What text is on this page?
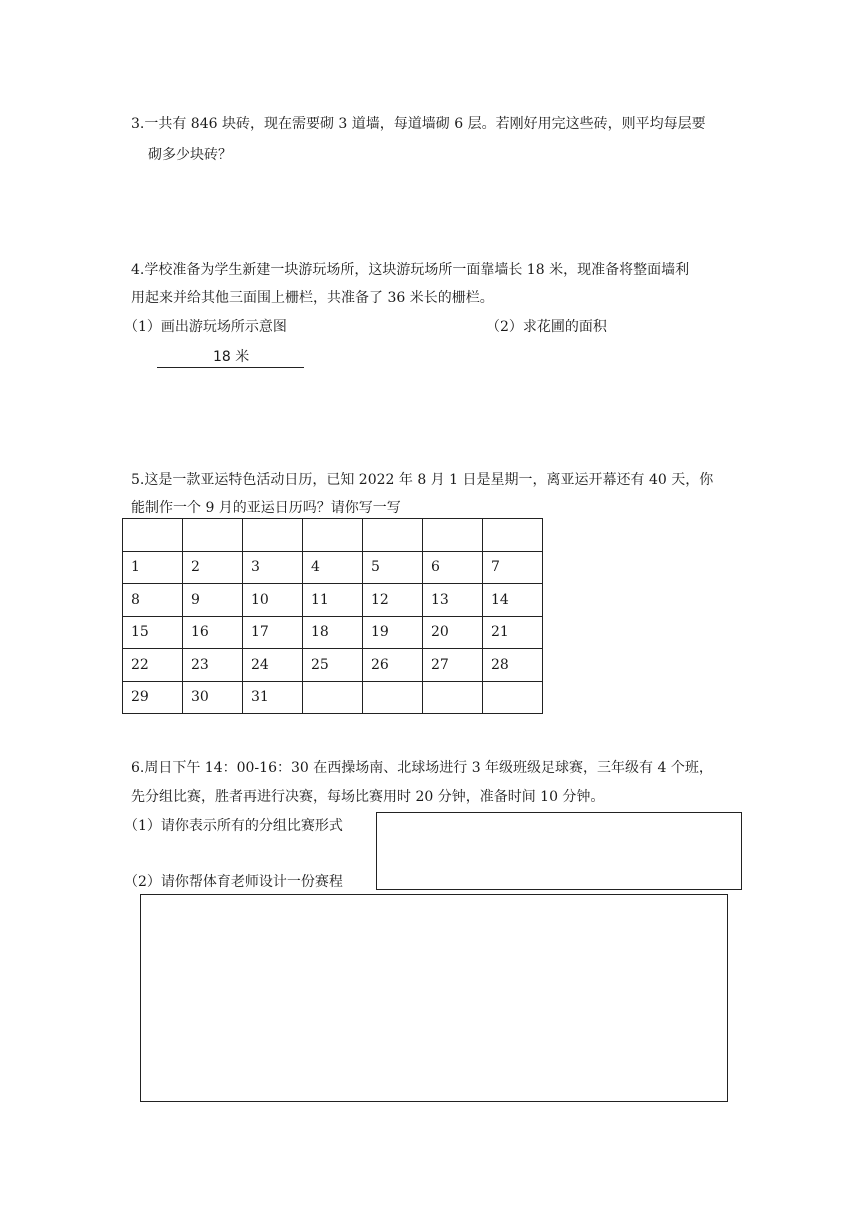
3.一共有 846 块砖，现在需要砌 3 道墙，每道墙砌 6 层。若刚好用完这些砖，则平均每层要
砌多少块砖？
4.学校准备为学生新建一块游玩场所，这块游玩场所一面靠墙长 18 米，现准备将整面墙利
用起来并给其他三面围上栅栏，共准备了 36 米长的栅栏。
（1）画出游玩场所示意图	（2）求花圃的面积
18 米
5.这是一款亚运特色活动日历，已知 2022 年 8 月 1 日是星期一，离亚运开幕还有 40 天，你
能制作一个 9 月的亚运日历吗？请你写一写

1	2	3	4	5	6	7
8	9	10	11	12	13	14
15	16	17	18	19	20	21
22	23	24	25	26	27	28
29	30	31				
6.周日下午 14：00-16：30 在西操场南、北球场进行 3 年级班级足球赛，三年级有 4 个班，
先分组比赛，胜者再进行决赛，每场比赛用时 20 分钟，准备时间 10 分钟。
（1）请你表示所有的分组比赛形式
（2）请你帮体育老师设计一份赛程
